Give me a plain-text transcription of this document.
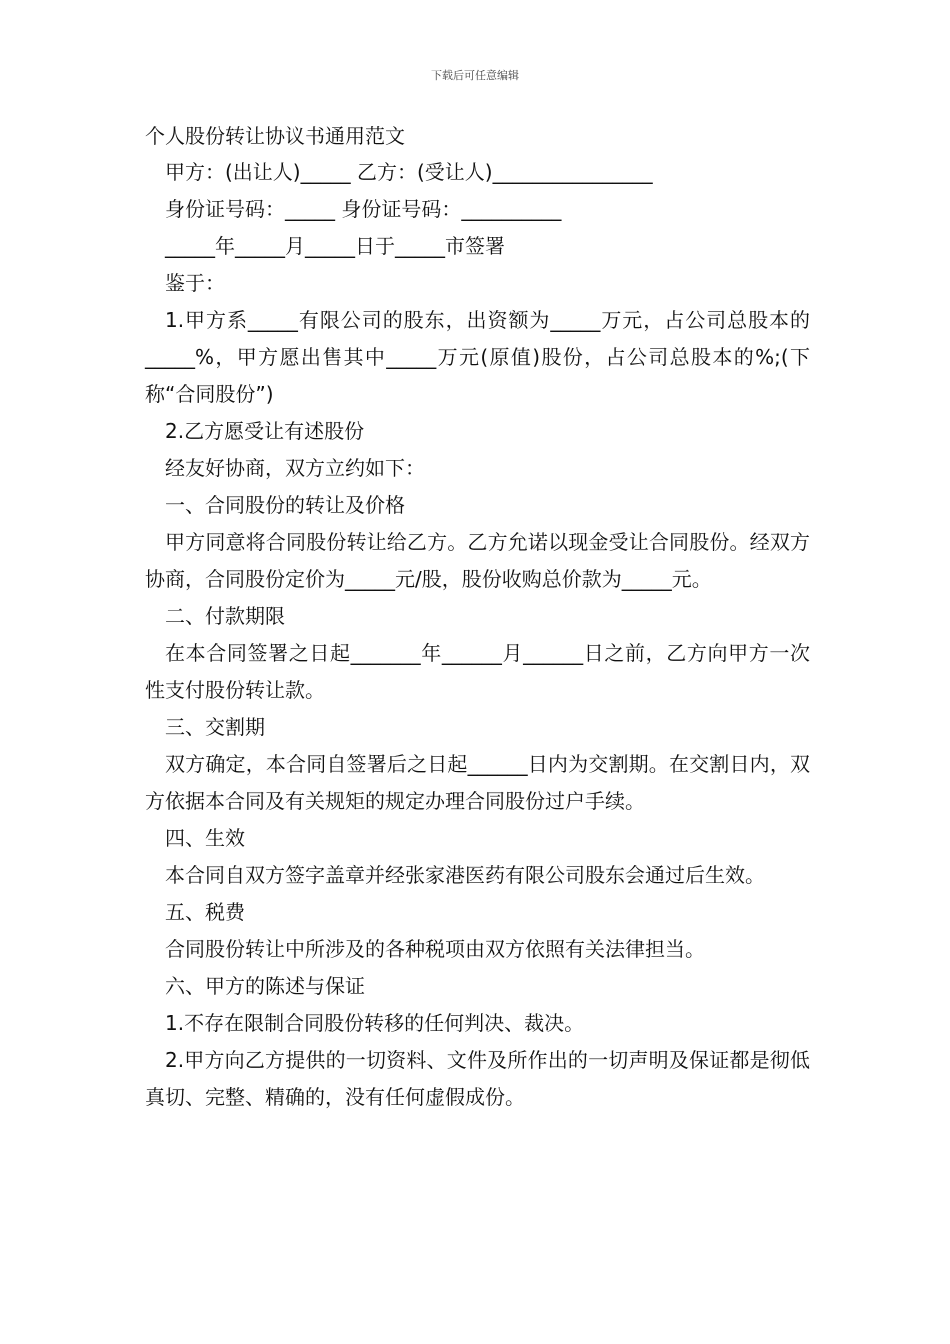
下载后可任意编辑
个人股份转让协议书通用范文
甲方：(出让人)_____ 乙方：(受让人)________________
身份证号码：_____ 身份证号码：__________
_____年_____月_____日于_____市签署
鉴于：
1.甲方系_____有限公司的股东，出资额为_____万元，占公司总股本的_____%，甲方愿出售其中_____万元(原值)股份，占公司总股本的%;(下称“合同股份”)
2.乙方愿受让有述股份
经友好协商，双方立约如下：
一、合同股份的转让及价格
甲方同意将合同股份转让给乙方。乙方允诺以现金受让合同股份。经双方协商，合同股份定价为_____元/股，股份收购总价款为_____元。
二、付款期限
在本合同签署之日起_______年______月______日之前，乙方向甲方一次性支付股份转让款。
三、交割期
双方确定，本合同自签署后之日起______日内为交割期。在交割日内，双方依据本合同及有关规矩的规定办理合同股份过户手续。
四、生效
本合同自双方签字盖章并经张家港医药有限公司股东会通过后生效。
五、税费
合同股份转让中所涉及的各种税项由双方依照有关法律担当。
六、甲方的陈述与保证
1.不存在限制合同股份转移的任何判决、裁决。
2.甲方向乙方提供的一切资料、文件及所作出的一切声明及保证都是彻低真切、完整、精确的，没有任何虚假成份。
